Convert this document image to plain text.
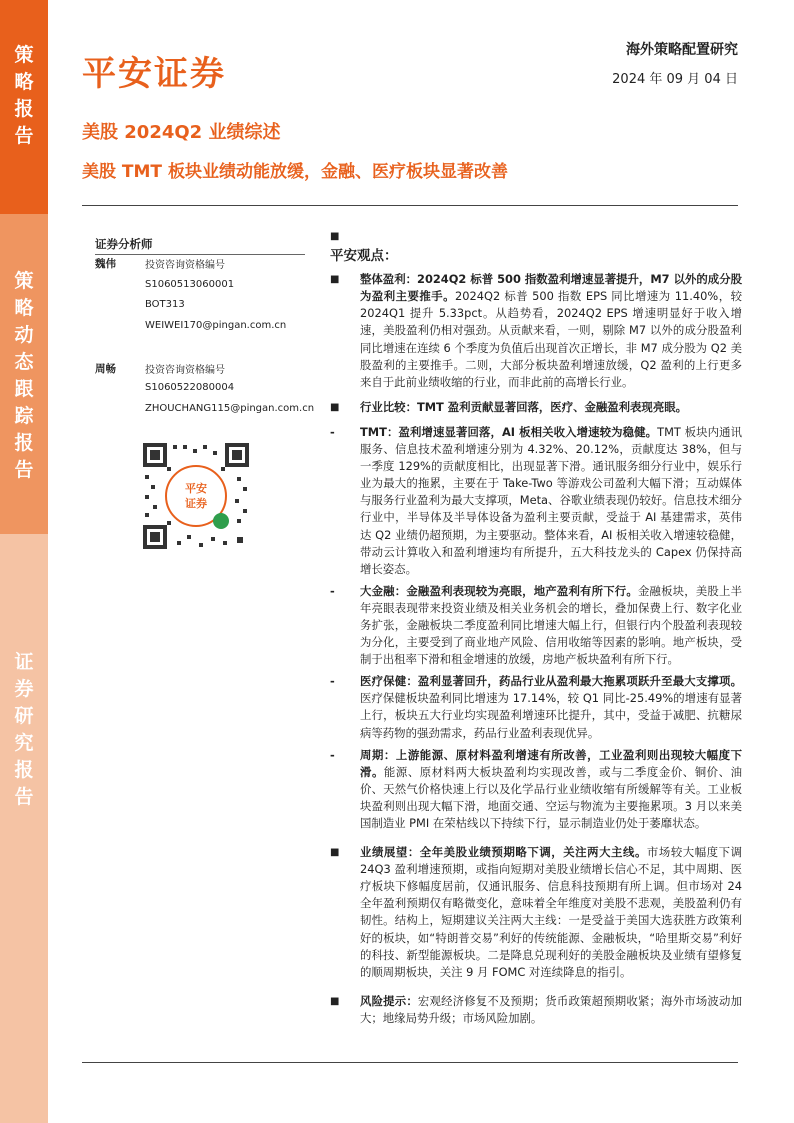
策
略
报
告
策
略
动
态
跟
踪
报
告
证
券
研
究
报
告
平安证券
海外策略配置研究
2024 年 09 月 04 日
美股 2024Q2 业绩综述
美股 TMT 板块业绩动能放缓，金融、医疗板块显著改善
证券分析师
魏伟	投资咨询资格编号
S1060513060001
BOT313
WEIWEI170@pingan.com.cn
周畅	投资咨询资格编号
S1060522080004
ZHOUCHANG115@pingan.com.cn
平安
证券
■
平安观点：
■ 整体盈利：2024Q2 标普 500 指数盈利增速显著提升，M7 以外的成分股为盈利主要推手。2024Q2 标普 500 指数 EPS 同比增速为 11.40%，较 2024Q1 提升 5.33pct。从趋势看，2024Q2 EPS 增速明显好于收入增速，美股盈利仍相对强劲。从贡献来看，一则，剔除 M7 以外的成分股盈利同比增速在连续 6 个季度为负值后出现首次正增长，非 M7 成分股为 Q2 美股盈利的主要推手。二则，大部分板块盈利增速放缓，Q2 盈利的上行更多来自于此前业绩收缩的行业，而非此前的高增长行业。
■ 行业比较：TMT 盈利贡献显著回落，医疗、金融盈利表现亮眼。
- TMT：盈利增速显著回落，AI 板相关收入增速较为稳健。TMT 板块内通讯服务、信息技术盈利增速分别为 4.32%、20.12%，贡献度达 38%，但与一季度 129%的贡献度相比，出现显著下滑。通讯服务细分行业中，娱乐行业为最大的拖累，主要在于 Take-Two 等游戏公司盈利大幅下滑；互动媒体与服务行业盈利为最大支撑项，Meta、谷歌业绩表现仍较好。信息技术细分行业中，半导体及半导体设备为盈利主要贡献，受益于 AI 基建需求，英伟达 Q2 业绩仍超预期，为主要驱动。整体来看，AI 板相关收入增速较稳健，带动云计算收入和盈利增速均有所提升，五大科技龙头的 Capex 仍保持高增长姿态。
- 大金融：金融盈利表现较为亮眼，地产盈利有所下行。金融板块，美股上半年亮眼表现带来投资业绩及相关业务机会的增长，叠加保费上行、数字化业务扩张，金融板块二季度盈利同比增速大幅上行，但银行内个股盈利表现较为分化，主要受到了商业地产风险、信用收缩等因素的影响。地产板块，受制于出租率下滑和租金增速的放缓，房地产板块盈利有所下行。
- 医疗保健：盈利显著回升，药品行业从盈利最大拖累项跃升至最大支撑项。医疗保健板块盈利同比增速为 17.14%，较 Q1 同比-25.49%的增速有显著上行，板块五大行业均实现盈利增速环比提升，其中，受益于减肥、抗糖尿病等药物的强劲需求，药品行业盈利表现优异。
- 周期：上游能源、原材料盈利增速有所改善，工业盈利则出现较大幅度下滑。能源、原材料两大板块盈利均实现改善，或与二季度金价、铜价、油价、天然气价格快速上行以及化学品行业业绩收缩有所缓解等有关。工业板块盈利则出现大幅下滑，地面交通、空运与物流为主要拖累项。3 月以来美国制造业 PMI 在荣枯线以下持续下行，显示制造业仍处于萎靡状态。
■ 业绩展望：全年美股业绩预期略下调，关注两大主线。市场较大幅度下调 24Q3 盈利增速预期，或指向短期对美股业绩增长信心不足，其中周期、医疗板块下修幅度居前，仅通讯服务、信息科技预期有所上调。但市场对 24 全年盈利预期仅有略微变化，意味着全年维度对美股不悲观，美股盈利仍有韧性。结构上，短期建议关注两大主线：一是受益于美国大选获胜方政策利好的板块，如“特朗普交易”利好的传统能源、金融板块，“哈里斯交易”利好的科技、新型能源板块。二是降息兑现利好的美股金融板块及业绩有望修复的顺周期板块，关注 9 月 FOMC 对连续降息的指引。
■ 风险提示：宏观经济修复不及预期；货币政策超预期收紧；海外市场波动加大；地缘局势升级；市场风险加剧。
